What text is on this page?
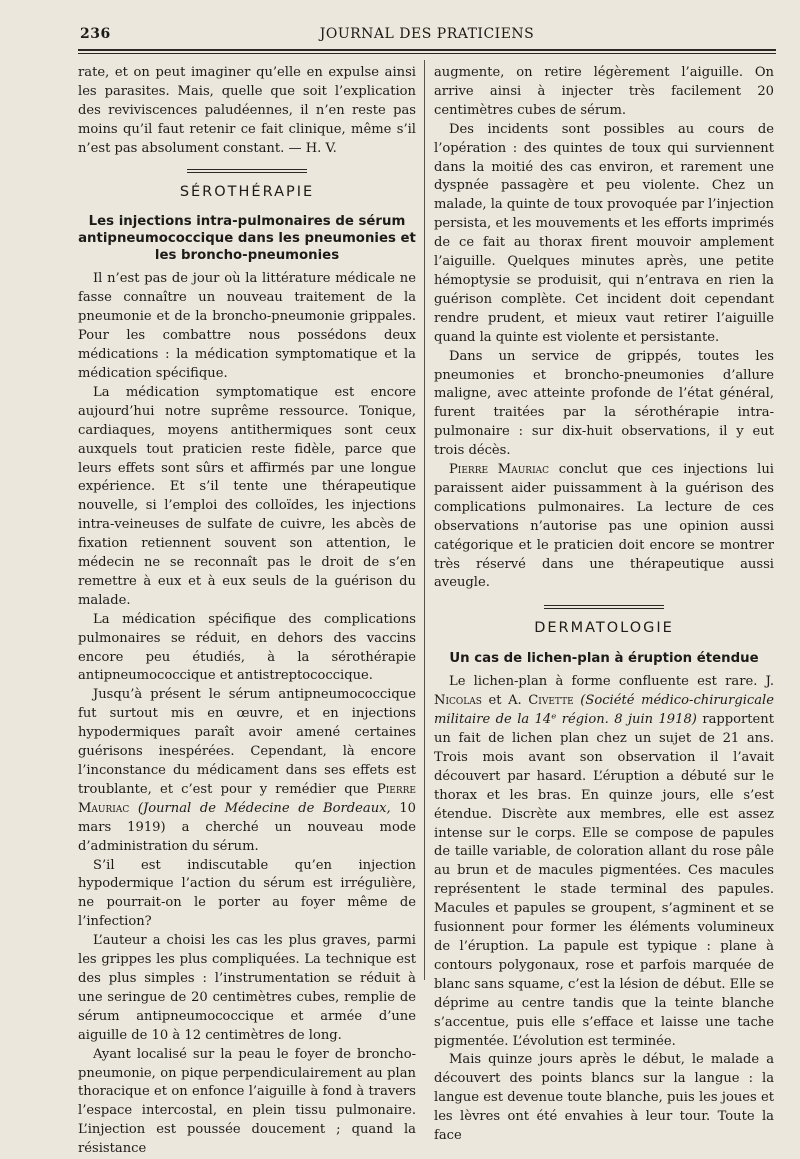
236	JOURNAL DES PRATICIENS

rate, et on peut imaginer qu’elle en expulse ainsi les parasites. Mais, quelle que soit l’explication des reviviscences paludéennes, il n’en reste pas moins qu’il faut retenir ce fait clinique, même s’il n’est pas absolument constant. — H. V.

SÉROTHÉRAPIE
Les injections intra-pulmonaires de sérum antipneumococcique dans les pneumonies et les broncho-pneumonies

Il n’est pas de jour où la littérature médicale ne fasse connaître un nouveau traitement de la pneumonie et de la broncho-pneumonie grippales. Pour les combattre nous possédons deux médications : la médication symptomatique et la médication spécifique.

La médication symptomatique est encore aujourd’hui notre suprême ressource. Tonique, cardiaques, moyens antithermiques sont ceux auxquels tout praticien reste fidèle, parce que leurs effets sont sûrs et affirmés par une longue expérience. Et s’il tente une thérapeutique nouvelle, si l’emploi des colloïdes, les injections intra-veineuses de sulfate de cuivre, les abcès de fixation retiennent souvent son attention, le médecin ne se reconnaît pas le droit de s’en remettre à eux et à eux seuls de la guérison du malade.

La médication spécifique des complications pulmonaires se réduit, en dehors des vaccins encore peu étudiés, à la sérothérapie antipneumococcique et antistreptococcique.

Jusqu’à présent le sérum antipneumococcique fut surtout mis en œuvre, et en injections hypodermiques paraît avoir amené certaines guérisons inespérées. Cependant, là encore l’inconstance du médicament dans ses effets est troublante, et c’est pour y remédier que Pierre Mauriac (Journal de Médecine de Bordeaux, 10 mars 1919) a cherché un nouveau mode d’administration du sérum.

S’il est indiscutable qu’en injection hypodermique l’action du sérum est irrégulière, ne pourrait-on le porter au foyer même de l’infection?

L’auteur a choisi les cas les plus graves, parmi les grippes les plus compliquées. La technique est des plus simples : l’instrumentation se réduit à une seringue de 20 centimètres cubes, remplie de sérum antipneumococcique et armée d’une aiguille de 10 à 12 centimètres de long.

Ayant localisé sur la peau le foyer de broncho-pneumonie, on pique perpendiculairement au plan thoracique et on enfonce l’aiguille à fond à travers l’espace intercostal, en plein tissu pulmonaire. L’injection est poussée doucement ; quand la résistance

augmente, on retire légèrement l’aiguille. On arrive ainsi à injecter très facilement 20 centimètres cubes de sérum.

Des incidents sont possibles au cours de l’opération : des quintes de toux qui surviennent dans la moitié des cas environ, et rarement une dyspnée passagère et peu violente. Chez un malade, la quinte de toux provoquée par l’injection persista, et les mouvements et les efforts imprimés de ce fait au thorax firent mouvoir amplement l’aiguille. Quelques minutes après, une petite hémoptysie se produisit, qui n’entrava en rien la guérison complète. Cet incident doit cependant rendre prudent, et mieux vaut retirer l’aiguille quand la quinte est violente et persistante.

Dans un service de grippés, toutes les pneumonies et broncho-pneumonies d’allure maligne, avec atteinte profonde de l’état général, furent traitées par la sérothérapie intra-pulmonaire : sur dix-huit observations, il y eut trois décès.

Pierre Mauriac conclut que ces injections lui paraissent aider puissamment à la guérison des complications pulmonaires. La lecture de ces observations n’autorise pas une opinion aussi catégorique et le praticien doit encore se montrer très réservé dans une thérapeutique aussi aveugle.

DERMATOLOGIE
Un cas de lichen-plan à éruption étendue

Le lichen-plan à forme confluente est rare. J. Nicolas et A. Civette (Société médico-chirurgicale militaire de la 14ᵉ région. 8 juin 1918) rapportent un fait de lichen plan chez un sujet de 21 ans. Trois mois avant son observation il l’avait découvert par hasard. L’éruption a débuté sur le thorax et les bras. En quinze jours, elle s’est étendue. Discrète aux membres, elle est assez intense sur le corps. Elle se compose de papules de taille variable, de coloration allant du rose pâle au brun et de macules pigmentées. Ces macules représentent le stade terminal des papules. Macules et papules se groupent, s’agminent et se fusionnent pour former les éléments volumineux de l’éruption. La papule est typique : plane à contours polygonaux, rose et parfois marquée de blanc sans squame, c’est la lésion de début. Elle se déprime au centre tandis que la teinte blanche s’accentue, puis elle s’efface et laisse une tache pigmentée. L’évolution est terminée.

Mais quinze jours après le début, le malade a découvert des points blancs sur la langue : la langue est devenue toute blanche, puis les joues et les lèvres ont été envahies à leur tour. Toute la face
